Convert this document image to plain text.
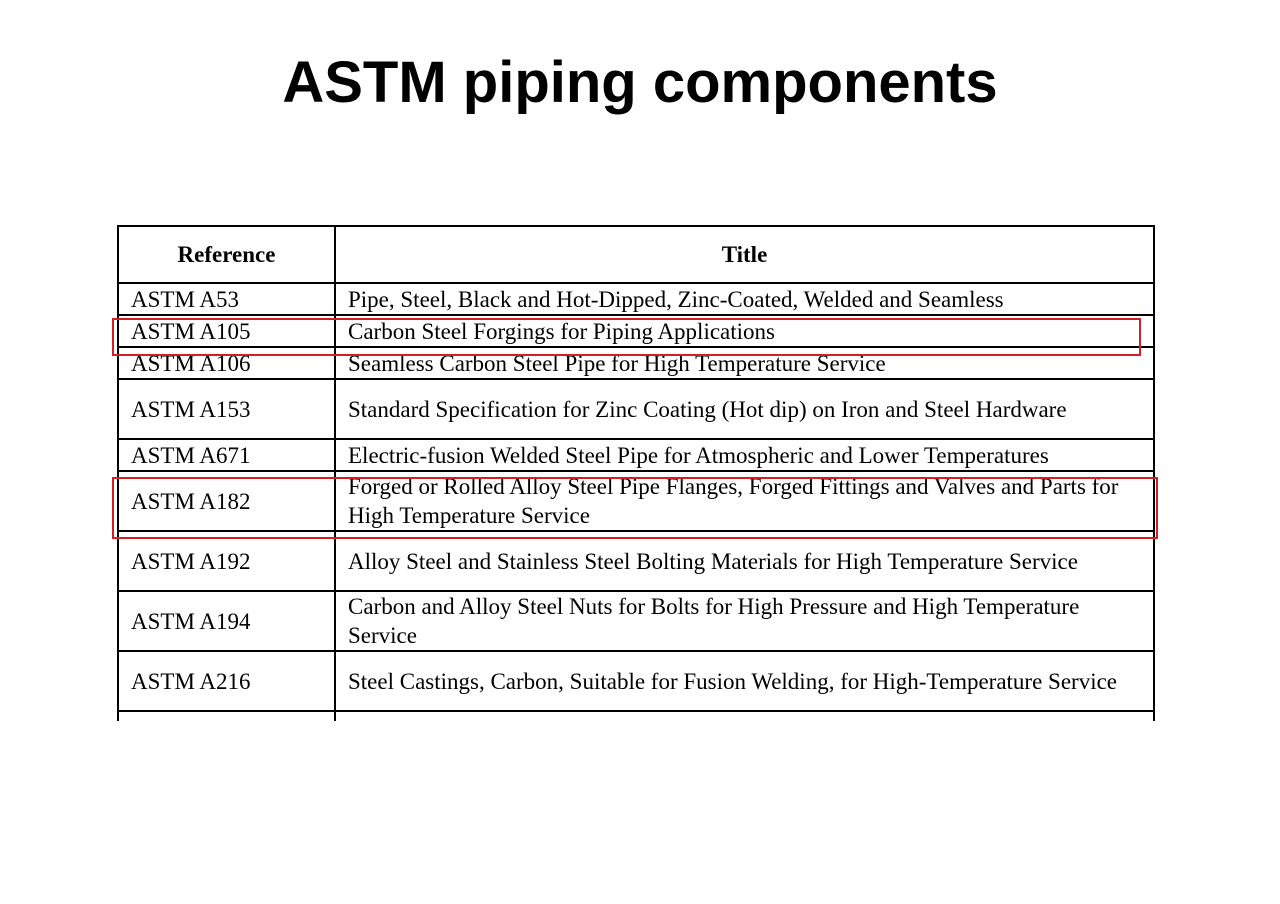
ASTM piping components
Reference	Title
ASTM A53	Pipe, Steel, Black and Hot-Dipped, Zinc-Coated, Welded and Seamless
ASTM A105	Carbon Steel Forgings for Piping Applications
ASTM A106	Seamless Carbon Steel Pipe for High Temperature Service
ASTM A153	Standard Specification for Zinc Coating (Hot dip) on Iron and Steel Hardware
ASTM A671	Electric-fusion Welded Steel Pipe for Atmospheric and Lower Temperatures
ASTM A182	Forged or Rolled Alloy Steel Pipe Flanges, Forged Fittings and Valves and Parts for High Temperature Service
ASTM A192	Alloy Steel and Stainless Steel Bolting Materials for High Temperature Service
ASTM A194	Carbon and Alloy Steel Nuts for Bolts for High Pressure and High Temperature Service
ASTM A216	Steel Castings, Carbon, Suitable for Fusion Welding, for High-Temperature Service
